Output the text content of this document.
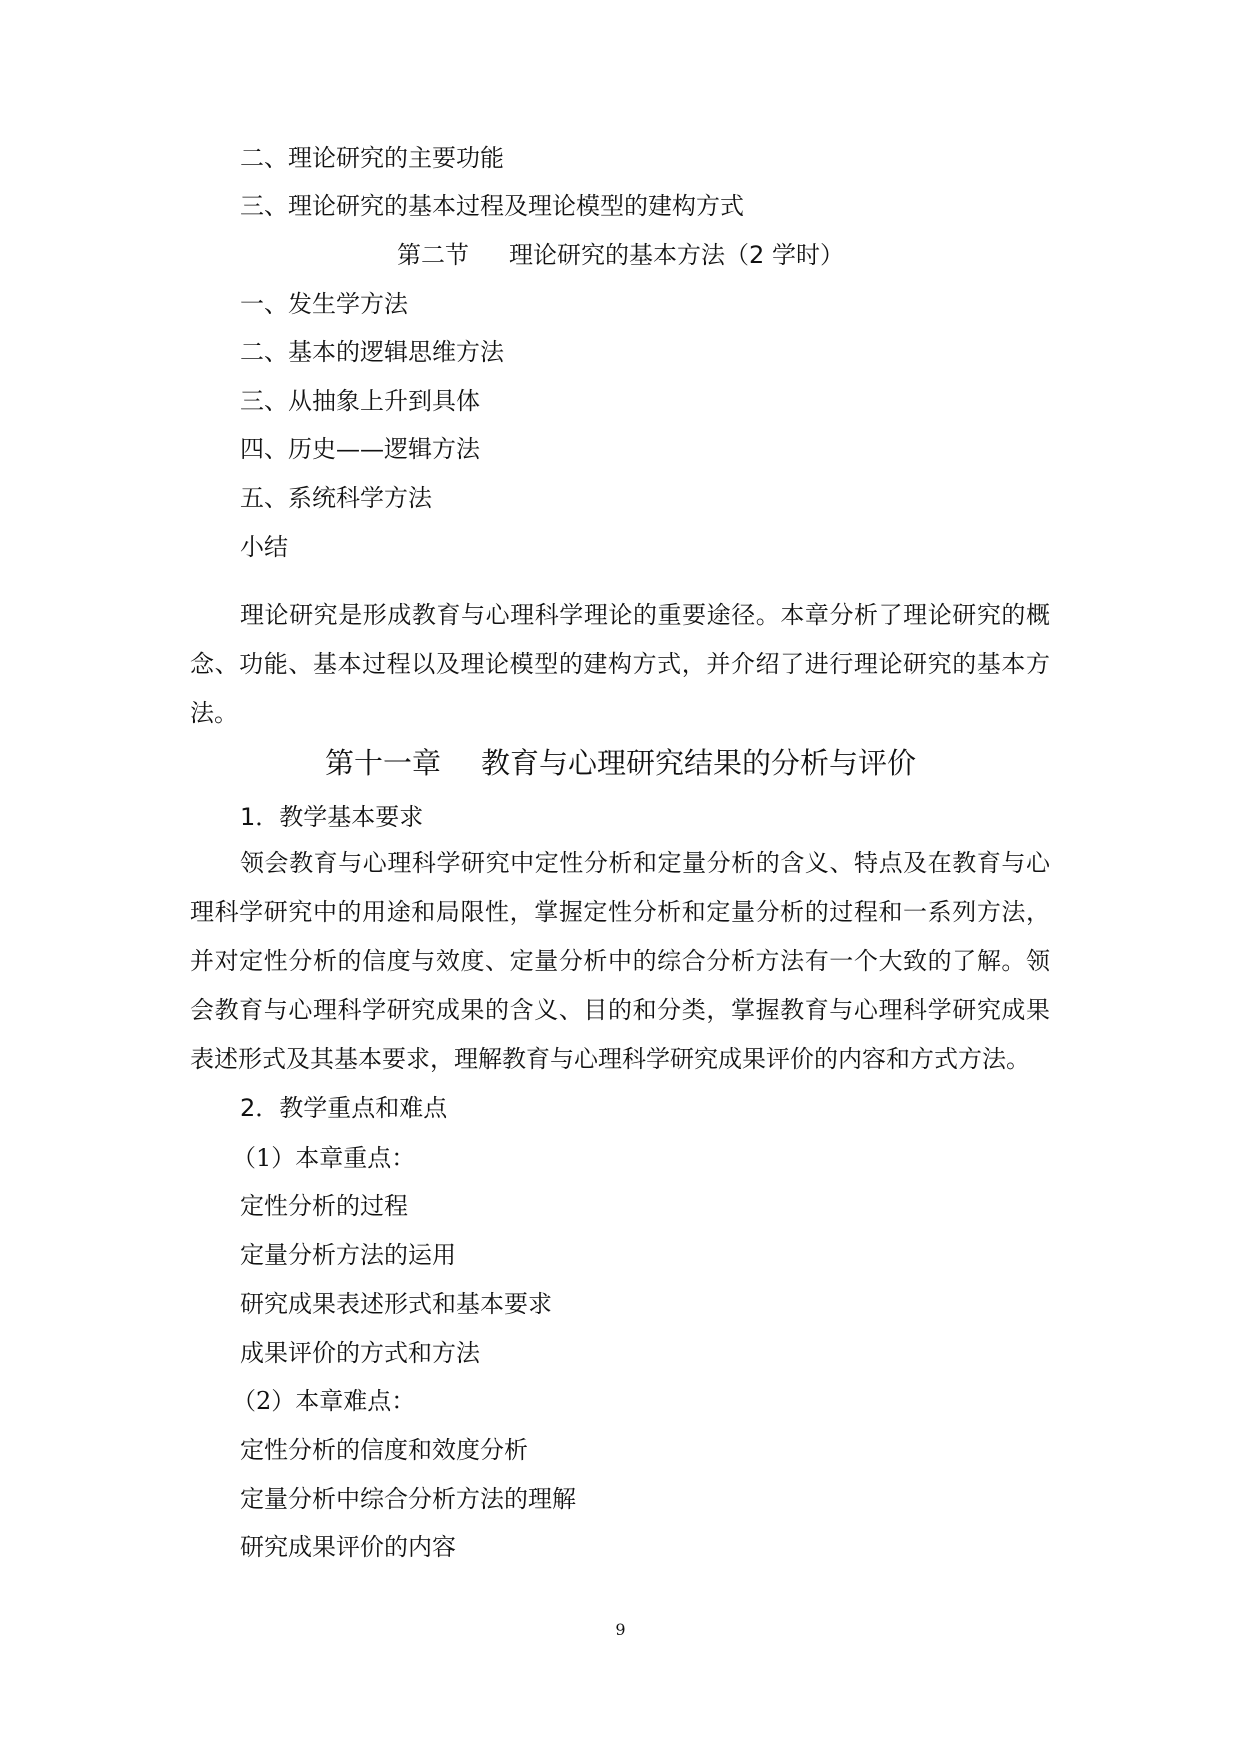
二、理论研究的主要功能
三、理论研究的基本过程及理论模型的建构方式
第二节 理论研究的基本方法（2 学时）
一、发生学方法
二、基本的逻辑思维方法
三、从抽象上升到具体
四、历史——逻辑方法
五、系统科学方法
小结
理论研究是形成教育与心理科学理论的重要途径。本章分析了理论研究的概念、功能、基本过程以及理论模型的建构方式，并介绍了进行理论研究的基本方法。
第十一章 教育与心理研究结果的分析与评价
1．教学基本要求
领会教育与心理科学研究中定性分析和定量分析的含义、特点及在教育与心理科学研究中的用途和局限性，掌握定性分析和定量分析的过程和一系列方法，并对定性分析的信度与效度、定量分析中的综合分析方法有一个大致的了解。领会教育与心理科学研究成果的含义、目的和分类，掌握教育与心理科学研究成果表述形式及其基本要求，理解教育与心理科学研究成果评价的内容和方式方法。
2．教学重点和难点
（1）本章重点：
定性分析的过程
定量分析方法的运用
研究成果表述形式和基本要求
成果评价的方式和方法
（2）本章难点：
定性分析的信度和效度分析
定量分析中综合分析方法的理解
研究成果评价的内容
9
